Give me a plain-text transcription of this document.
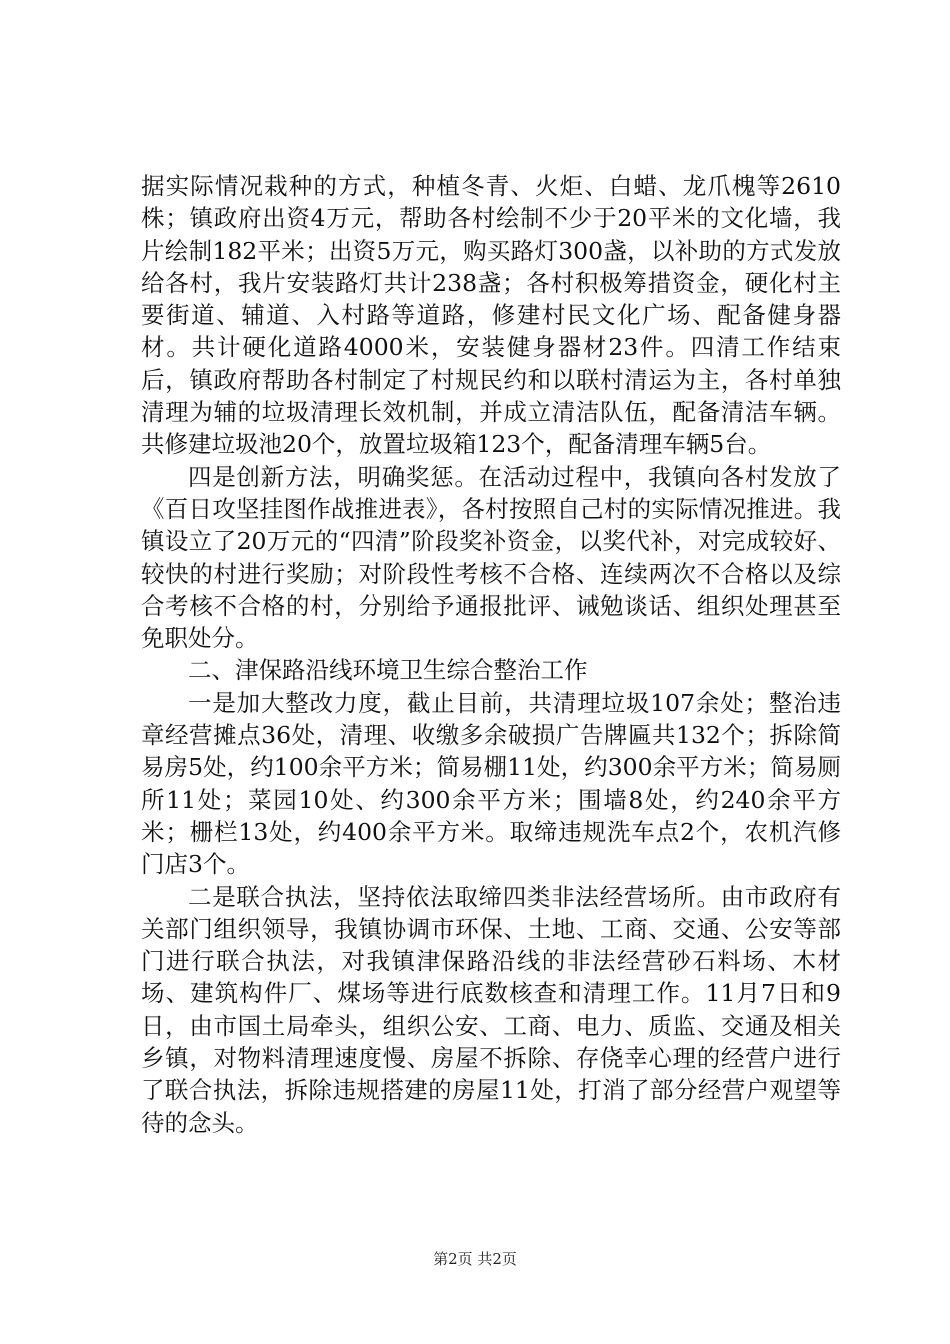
据实际情况栽种的方式，种植冬青、火炬、白蜡、龙爪槐等2610株；镇政府出资4万元，帮助各村绘制不少于20平米的文化墙，我片绘制182平米；出资5万元，购买路灯300盏，以补助的方式发放给各村，我片安装路灯共计238盏；各村积极筹措资金，硬化村主要街道、辅道、入村路等道路，修建村民文化广场、配备健身器材。共计硬化道路4000米，安装健身器材23件。四清工作结束后，镇政府帮助各村制定了村规民约和以联村清运为主，各村单独清理为辅的垃圾清理长效机制，并成立清洁队伍，配备清洁车辆。共修建垃圾池20个，放置垃圾箱123个，配备清理车辆5台。

四是创新方法，明确奖惩。在活动过程中，我镇向各村发放了《百日攻坚挂图作战推进表》，各村按照自己村的实际情况推进。我镇设立了20万元的“四清”阶段奖补资金，以奖代补，对完成较好、较快的村进行奖励；对阶段性考核不合格、连续两次不合格以及综合考核不合格的村，分别给予通报批评、诫勉谈话、组织处理甚至免职处分。

二、津保路沿线环境卫生综合整治工作

一是加大整改力度，截止目前，共清理垃圾107余处；整治违章经营摊点36处，清理、收缴多余破损广告牌匾共132个；拆除简易房5处，约100余平方米；简易棚11处，约300余平方米；简易厕所11处；菜园10处、约300余平方米；围墙8处，约240余平方米；栅栏13处，约400余平方米。取缔违规洗车点2个，农机汽修门店3个。

二是联合执法，坚持依法取缔四类非法经营场所。由市政府有关部门组织领导，我镇协调市环保、土地、工商、交通、公安等部门进行联合执法，对我镇津保路沿线的非法经营砂石料场、木材场、建筑构件厂、煤场等进行底数核查和清理工作。11月7日和9日，由市国土局牵头，组织公安、工商、电力、质监、交通及相关乡镇，对物料清理速度慢、房屋不拆除、存侥幸心理的经营户进行了联合执法，拆除违规搭建的房屋11处，打消了部分经营户观望等待的念头。

第2页 共2页
